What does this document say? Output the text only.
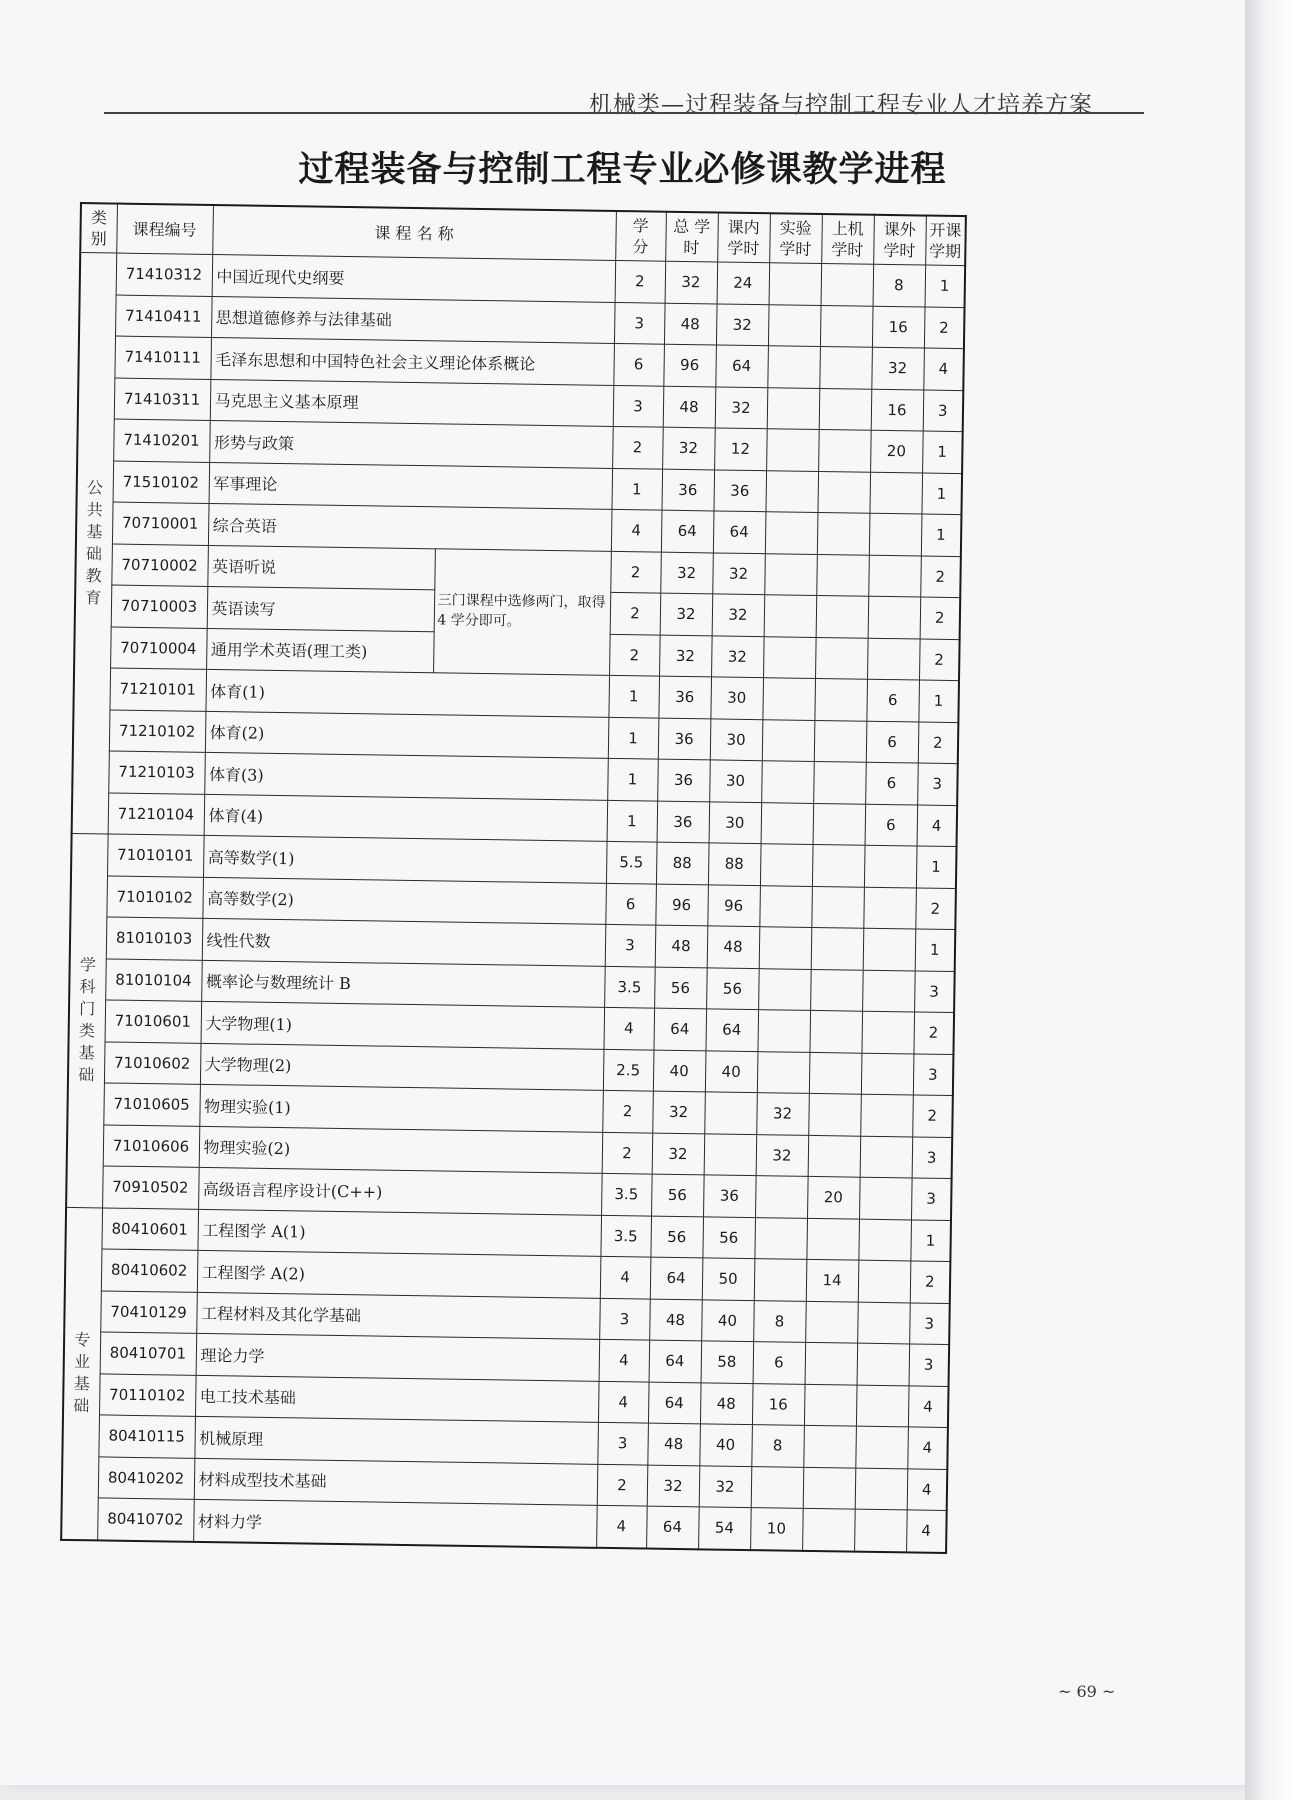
机械类—过程装备与控制工程专业人才培养方案
过程装备与控制工程专业必修课教学进程
类 别	课程编号	课 程 名 称		学 分	总 学时	课内 学时	实验 学时	上机 学时	课外 学时	开课 学期
公共基础教育	71410312	中国近现代史纲要		2	32	24			8	1
	71410411	思想道德修养与法律基础		3	48	32			16	2
	71410111	毛泽东思想和中国特色社会主义理论体系概论		6	96	64			32	4
	71410311	马克思主义基本原理		3	48	32			16	3
	71410201	形势与政策		2	32	12			20	1
	71510102	军事理论		1	36	36				1
	70710001	综合英语		4	64	64				1
	70710002	英语听说	三门课程中选修两门，取得 4 学分即可。	2	32	32				2
	70710003	英语读写		2	32	32				2
	70710004	通用学术英语(理工类)		2	32	32				2
	71210101	体育(1)		1	36	30			6	1
	71210102	体育(2)		1	36	30			6	2
	71210103	体育(3)		1	36	30			6	3
	71210104	体育(4)		1	36	30			6	4
学科门类基础	71010101	高等数学(1)		5.5	88	88				1
	71010102	高等数学(2)		6	96	96				2
	81010103	线性代数		3	48	48				1
	81010104	概率论与数理统计 B		3.5	56	56				3
	71010601	大学物理(1)		4	64	64				2
	71010602	大学物理(2)		2.5	40	40				3
	71010605	物理实验(1)		2	32		32			2
	71010606	物理实验(2)		2	32		32			3
	70910502	高级语言程序设计(C++)		3.5	56	36		20		3
专业基础	80410601	工程图学 A(1)		3.5	56	56				1
	80410602	工程图学 A(2)		4	64	50		14		2
	70410129	工程材料及其化学基础		3	48	40	8			3
	80410701	理论力学		4	64	58	6			3
	70110102	电工技术基础		4	64	48	16			4
	80410115	机械原理		3	48	40	8			4
	80410202	材料成型技术基础		2	32	32				4
	80410702	材料力学		4	64	54	10			4
~ 69 ~
